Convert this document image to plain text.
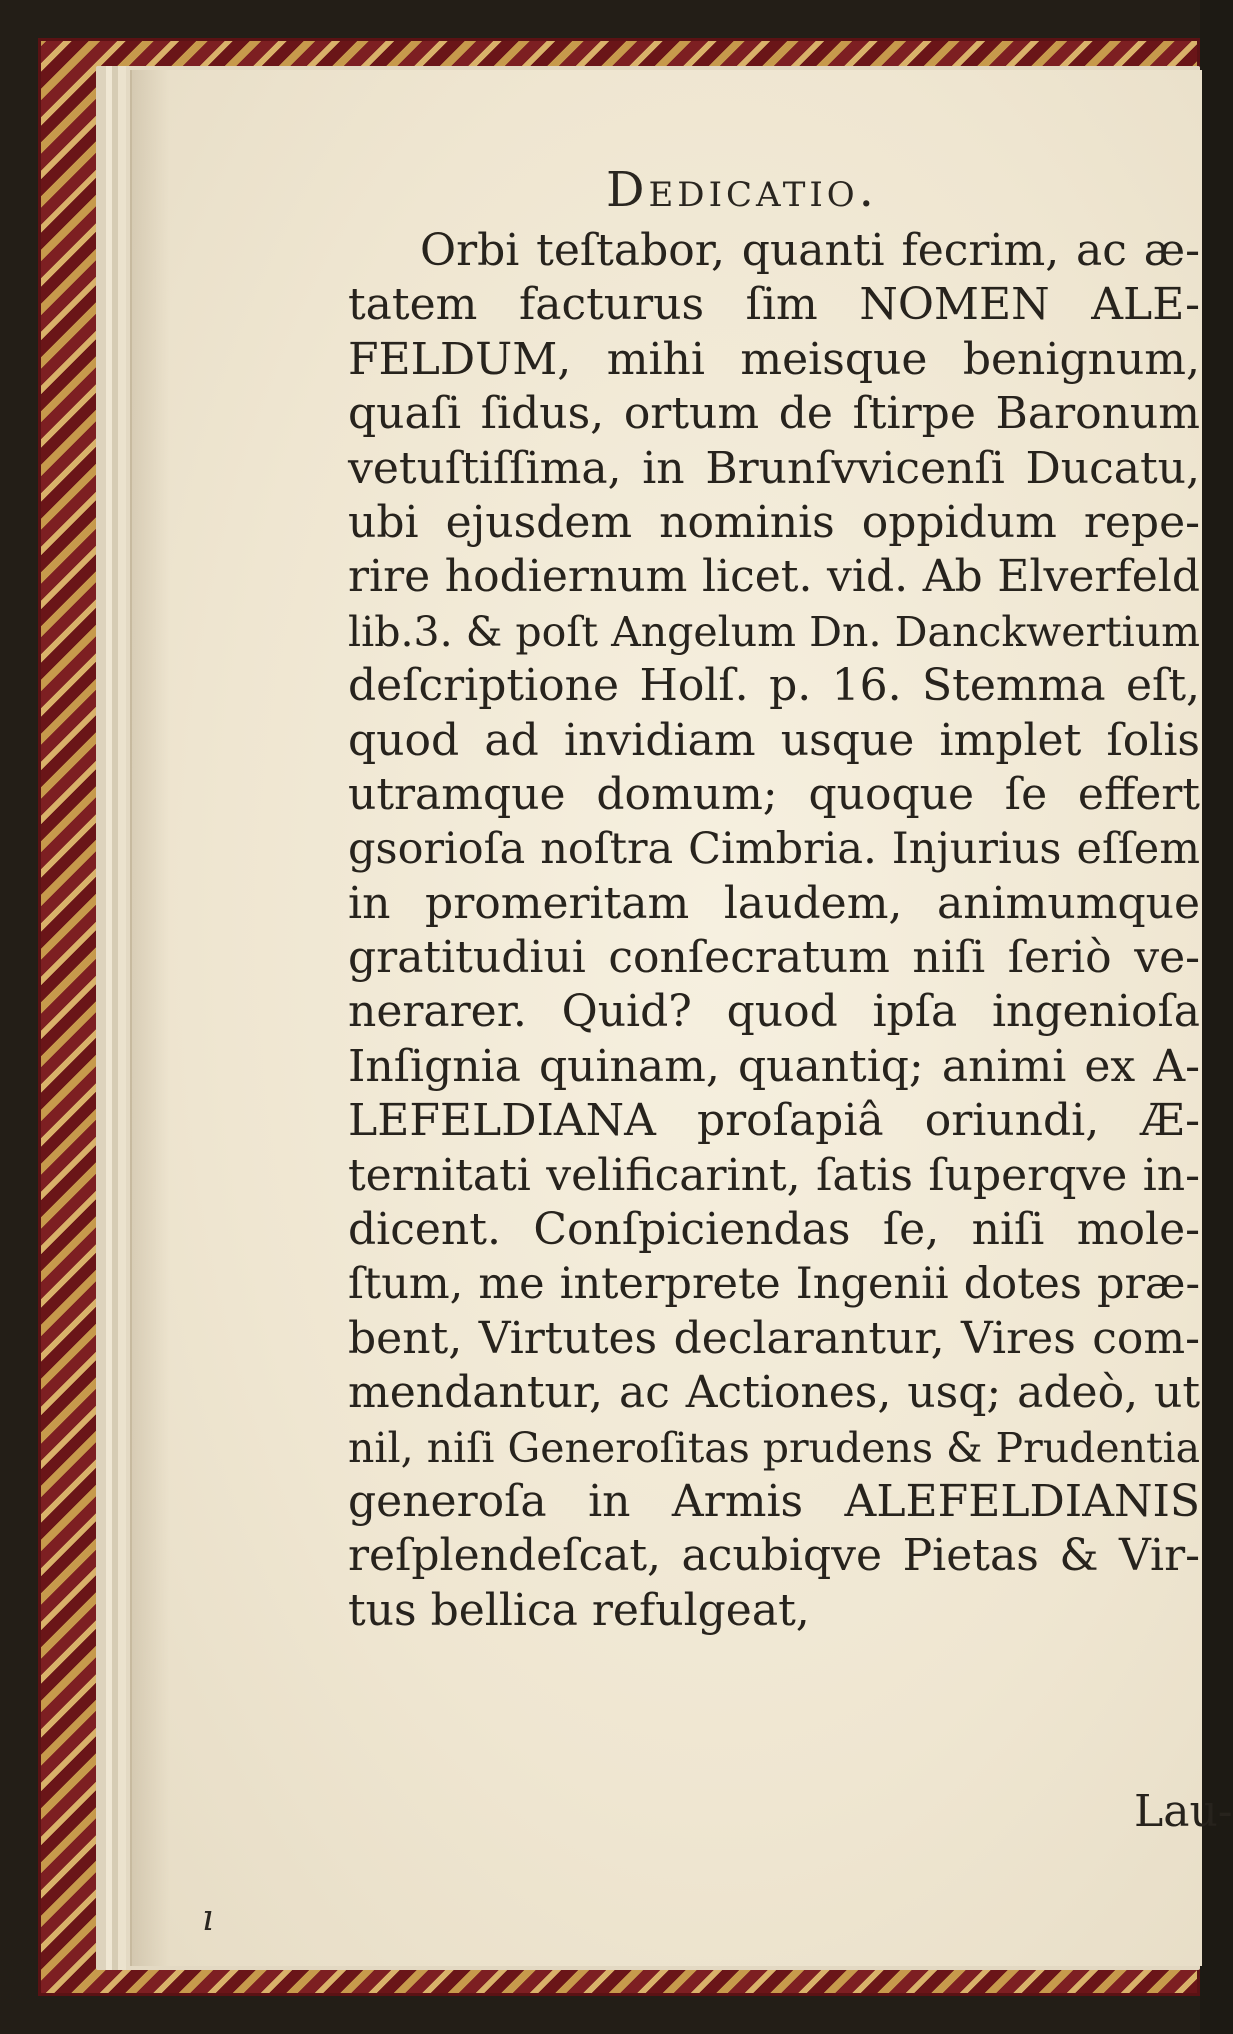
Dedicatio.
Orbi teſtabor, quanti fecrim, ac æ-
tatem facturus ſim NOMEN ALE-
FELDUM, mihi meisque benignum,
quaſi ſidus, ortum de ſtirpe Baronum
vetuſtiſſima, in Brunſvvicenſi Ducatu,
ubi ejusdem nominis oppidum repe-
rire hodiernum licet. vid. Ab Elverfeld
lib.3. & poſt Angelum Dn. Danckwertium
deſcriptione Holſ. p. 16. Stemma eſt,
quod ad invidiam usque implet ſolis
utramque domum; quoque ſe effert
gsorioſa noſtra Cimbria. Injurius eſſem
in promeritam laudem, animumque
gratitudiui conſecratum niſi ſeriò ve-
nerarer. Quid? quod ipſa ingenioſa
Inſignia quinam, quantiq; animi ex A-
LEFELDIANA proſapiâ oriundi, Æ-
ternitati velificarint, ſatis ſuperqve in-
dicent. Conſpiciendas ſe, niſi mole-
ſtum, me interprete Ingenii dotes præ-
bent, Virtutes declarantur, Vires com-
mendantur, ac Actiones, usq; adeò, ut
nil, niſi Generoſitas prudens & Prudentia
generoſa in Armis ALEFELDIANIS
reſplendeſcat, acubiqve Pietas & Vir-
tus bellica refulgeat,
Lau-
ı
